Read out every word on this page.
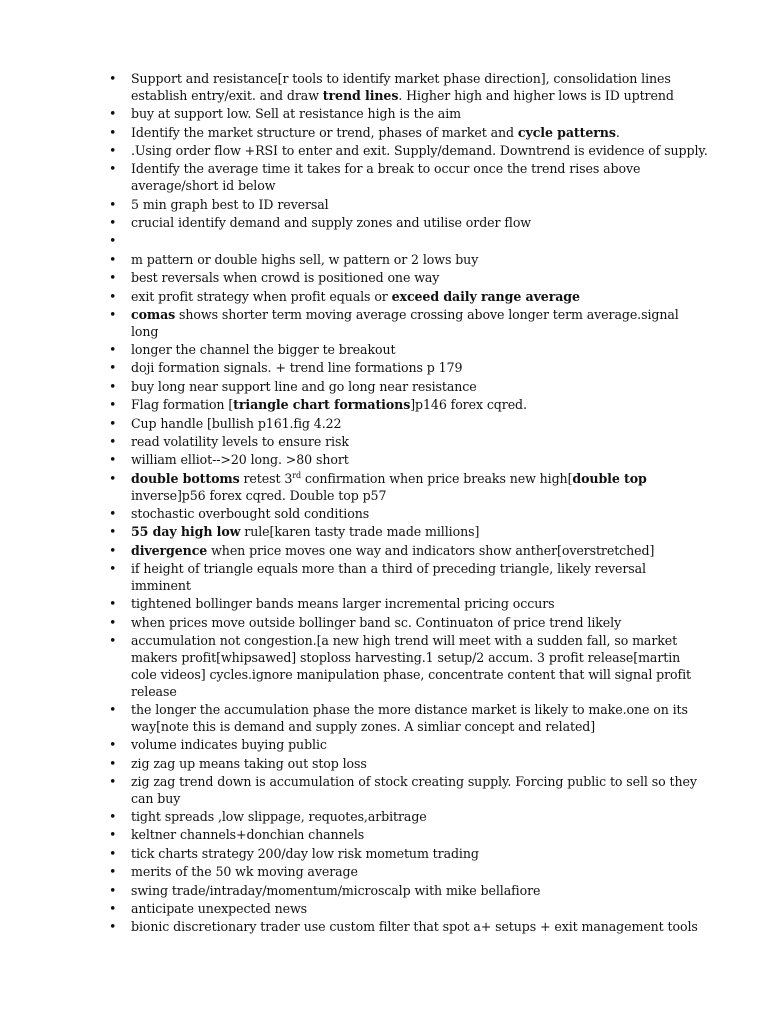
• Support and resistance[r tools to identify market phase direction], consolidation lines establish entry/exit. and draw trend lines. Higher high and higher lows is ID uptrend
• buy at support low. Sell at resistance high is the aim
• Identify the market structure or trend, phases of market and cycle patterns.
• .Using order flow +RSI to enter and exit. Supply/demand. Downtrend is evidence of supply.
• Identify the average time it takes for a break to occur once the trend rises above average/short id below
• 5 min graph best to ID reversal
• crucial identify demand and supply zones and utilise order flow
•
• m pattern or double highs sell, w pattern or 2 lows buy
• best reversals when crowd is positioned one way
• exit profit strategy when profit equals or exceed daily range average
• comas shows shorter term moving average crossing above longer term average.signal long
• longer the channel the bigger te breakout
• doji formation signals. + trend line formations p 179
• buy long near support line and go long near resistance
• Flag formation [triangle chart formations]p146 forex cqred.
• Cup handle [bullish p161.fig 4.22
• read volatility levels to ensure risk
• william elliot-->20 long. >80 short
• double bottoms retest 3rd confirmation when price breaks new high[double top inverse]p56 forex cqred. Double top p57
• stochastic overbought sold conditions
• 55 day high low rule[karen tasty trade made millions]
• divergence when price moves one way and indicators show anther[overstretched]
• if height of triangle equals more than a third of preceding triangle, likely reversal imminent
• tightened bollinger bands means larger incremental pricing occurs
• when prices move outside bollinger band sc. Continuaton of price trend likely
• accumulation not congestion.[a new high trend will meet with a sudden fall, so market makers profit[whipsawed] stoploss harvesting.1 setup/2 accum. 3 profit release[martin cole videos] cycles.ignore manipulation phase, concentrate content that will signal profit release
• the longer the accumulation phase the more distance market is likely to make.one on its way[note this is demand and supply zones. A simliar concept and related]
• volume indicates buying public
• zig zag up means taking out stop loss
• zig zag trend down is accumulation of stock creating supply. Forcing public to sell so they can buy
• tight spreads ,low slippage, requotes,arbitrage
• keltner channels+donchian channels
• tick charts strategy 200/day low risk mometum trading
• merits of the 50 wk moving average
• swing trade/intraday/momentum/microscalp with mike bellafiore
• anticipate unexpected news
• bionic discretionary trader use custom filter that spot a+ setups + exit management tools
